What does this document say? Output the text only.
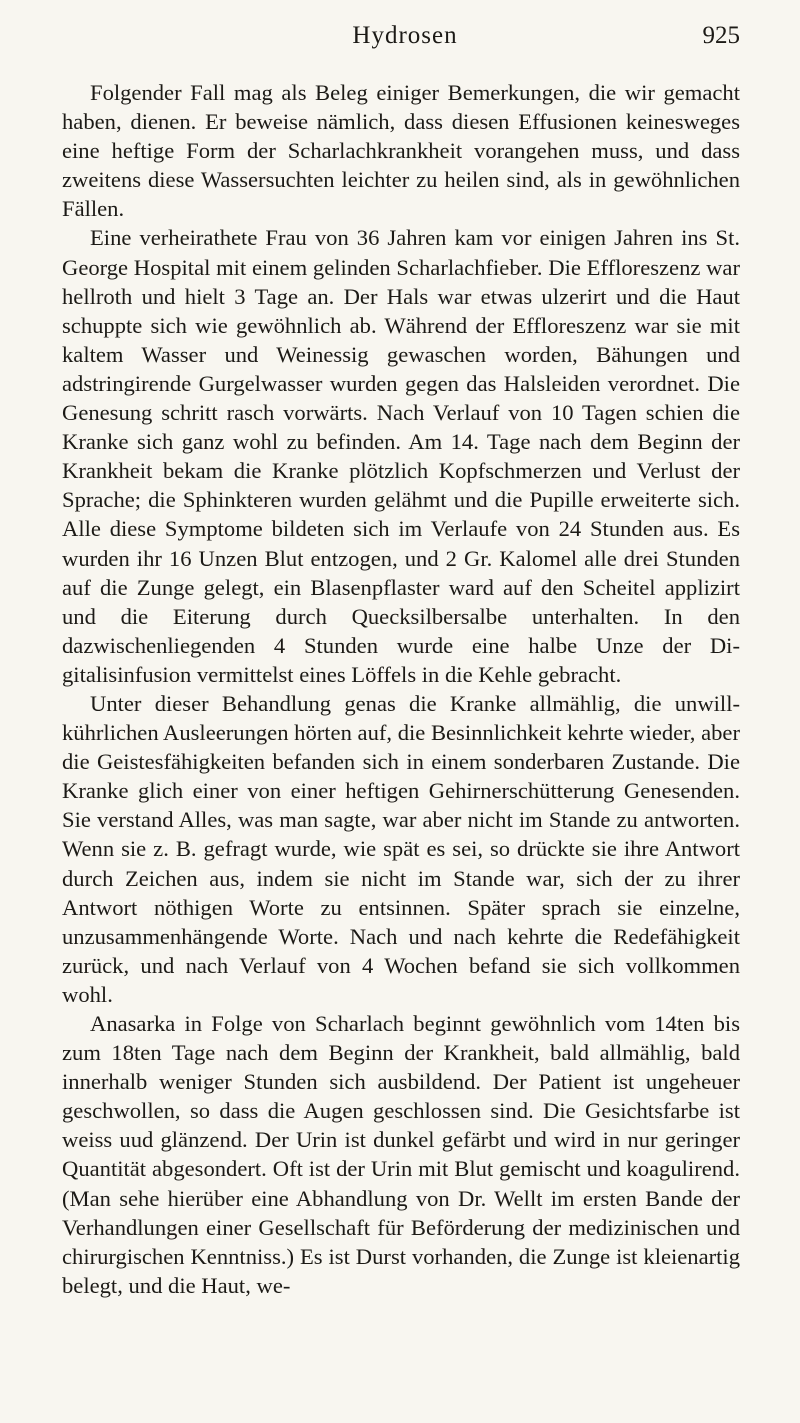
Hydrosen	925

Folgender Fall mag als Beleg einiger Bemerkungen, die wir gemacht haben, dienen. Er beweise nämlich, dass diesen Effusionen keinesweges eine heftige Form der Scharlachkrankheit vorangehen muss, und dass zweitens diese Wassersuchten leichter zu heilen sind, als in gewöhnlichen Fällen.

Eine verheirathete Frau von 36 Jahren kam vor einigen Jahren ins St. George Hospital mit einem gelinden Scharlachfieber. Die Effloreszenz war hellroth und hielt 3 Tage an. Der Hals war etwas ulzerirt und die Haut schuppte sich wie gewöhnlich ab. Während der Effloreszenz war sie mit kaltem Wasser und Weinessig gewaschen worden, Bähungen und adstringirende Gurgelwasser wurden gegen das Halsleiden verordnet. Die Genesung schritt rasch vorwärts. Nach Verlauf von 10 Tagen schien die Kranke sich ganz wohl zu befinden. Am 14. Tage nach dem Beginn der Krankheit bekam die Kranke plötzlich Kopfschmerzen und Verlust der Sprache; die Sphinkteren wurden gelähmt und die Pupille erweiterte sich. Alle diese Symptome bildeten sich im Verlaufe von 24 Stunden aus. Es wurden ihr 16 Unzen Blut entzogen, und 2 Gr. Kalomel alle drei Stunden auf die Zunge gelegt, ein Blasenpflaster ward auf den Scheitel applizirt und die Eiterung durch Quecksilbersalbe unterhalten. In den dazwischenliegenden 4 Stunden wurde eine halbe Unze der Digitalisinfusion vermittelst eines Löffels in die Kehle gebracht.

Unter dieser Behandlung genas die Kranke allmählig, die unwillkührlichen Ausleerungen hörten auf, die Besinnlichkeit kehrte wieder, aber die Geistesfähigkeiten befanden sich in einem sonderbaren Zustande. Die Kranke glich einer von einer heftigen Gehirnerschütterung Genesenden. Sie verstand Alles, was man sagte, war aber nicht im Stande zu antworten. Wenn sie z. B. gefragt wurde, wie spät es sei, so drückte sie ihre Antwort durch Zeichen aus, indem sie nicht im Stande war, sich der zu ihrer Antwort nöthigen Worte zu entsinnen. Später sprach sie einzelne, unzusammenhängende Worte. Nach und nach kehrte die Redefähigkeit zurück, und nach Verlauf von 4 Wochen befand sie sich vollkommen wohl.

Anasarka in Folge von Scharlach beginnt gewöhnlich vom 14ten bis zum 18ten Tage nach dem Beginn der Krankheit, bald allmählig, bald innerhalb weniger Stunden sich ausbildend. Der Patient ist ungeheuer geschwollen, so dass die Augen geschlossen sind. Die Gesichtsfarbe ist weiss uud glänzend. Der Urin ist dunkel gefärbt und wird in nur geringer Quantität abgesondert. Oft ist der Urin mit Blut gemischt und koagulirend. (Man sehe hierüber eine Abhandlung von Dr. Wellt im ersten Bande der Verhandlungen einer Gesellschaft für Beförderung der medizinischen und chirurgischen Kenntniss.) Es ist Durst vorhanden, die Zunge ist kleienartig belegt, und die Haut, we-
